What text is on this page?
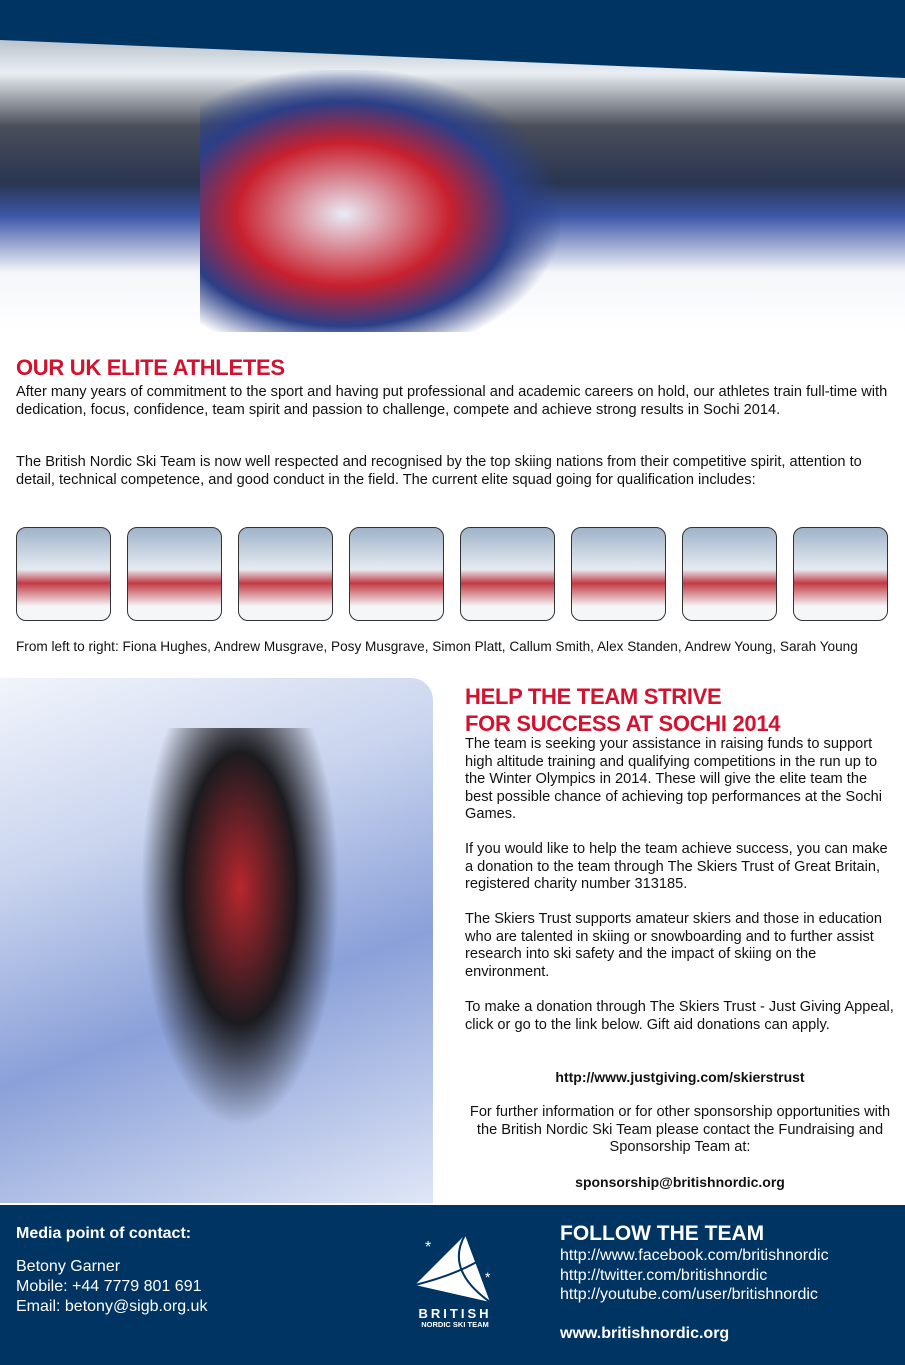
OUR UK ELITE ATHLETES

After many years of commitment to the sport and having put professional and academic careers on hold, our athletes train full-time with dedication, focus, confidence, team spirit and passion to challenge, compete and achieve strong results in Sochi 2014.

The British Nordic Ski Team is now well respected and recognised by the top skiing nations from their competitive spirit, attention to detail, technical competence, and good conduct in the field. The current elite squad going for qualification includes:

From left to right: Fiona Hughes, Andrew Musgrave, Posy Musgrave, Simon Platt, Callum Smith, Alex Standen, Andrew Young, Sarah Young

HELP THE TEAM STRIVE
FOR SUCCESS AT SOCHI 2014

The team is seeking your assistance in raising funds to support high altitude training and qualifying competitions in the run up to the Winter Olympics in 2014. These will give the elite team the best possible chance of achieving top performances at the Sochi Games.

If you would like to help the team achieve success, you can make a donation to the team through The Skiers Trust of Great Britain, registered charity number 313185.

The Skiers Trust supports amateur skiers and those in education who are talented in skiing or snowboarding and to further assist research into ski safety and the impact of skiing on the environment.

To make a donation through The Skiers Trust - Just Giving Appeal, click or go to the link below. Gift aid donations can apply.

http://www.justgiving.com/skierstrust

For further information or for other sponsorship opportunities with the British Nordic Ski Team please contact the Fundraising and Sponsorship Team at:

sponsorship@britishnordic.org

Media point of contact:
Betony Garner
Mobile: +44 7779 801 691
Email: betony@sigb.org.uk
*
*
BRITISH
NORDIC SKI TEAM
FOLLOW THE TEAM
http://www.facebook.com/britishnordic
http://twitter.com/britishnordic
http://youtube.com/user/britishnordic
www.britishnordic.org
